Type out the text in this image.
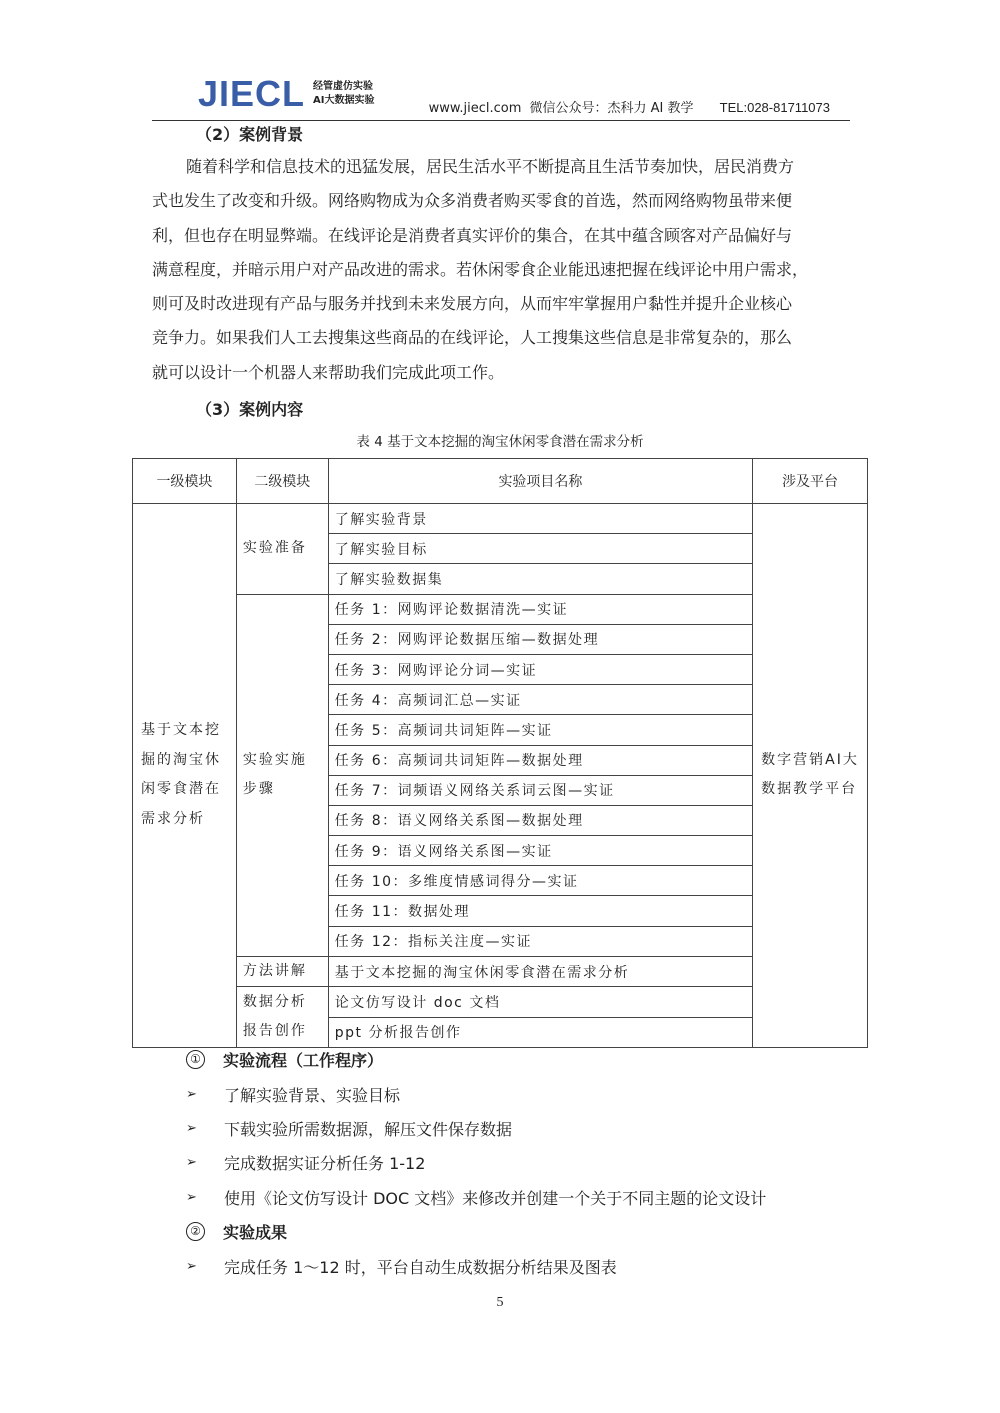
JIECL 经管虚仿实验
AI大数据实验
www.jiecl.com 微信公众号：杰科力 AI 教学 TEL:028-81711073
（2）案例背景
随着科学和信息技术的迅猛发展，居民生活水平不断提高且生活节奏加快，居民消费方
式也发生了改变和升级。网络购物成为众多消费者购买零食的首选，然而网络购物虽带来便
利，但也存在明显弊端。在线评论是消费者真实评价的集合，在其中蕴含顾客对产品偏好与
满意程度，并暗示用户对产品改进的需求。若休闲零食企业能迅速把握在线评论中用户需求，
则可及时改进现有产品与服务并找到未来发展方向，从而牢牢掌握用户黏性并提升企业核心
竞争力。如果我们人工去搜集这些商品的在线评论，人工搜集这些信息是非常复杂的，那么
就可以设计一个机器人来帮助我们完成此项工作。
（3）案例内容
表 4 基于文本挖掘的淘宝休闲零食潜在需求分析
一级模块	二级模块	实验项目名称	涉及平台
基于文本挖掘的淘宝休闲零食潜在需求分析	实验准备	了解实验背景	数字营销AI大数据教学平台
		了解实验目标	
		了解实验数据集	
	实验实施步骤	任务 1：网购评论数据清洗—实证	
		任务 2：网购评论数据压缩—数据处理	
		任务 3：网购评论分词—实证	
		任务 4：高频词汇总—实证	
		任务 5：高频词共词矩阵—实证	
		任务 6：高频词共词矩阵—数据处理	
		任务 7：词频语义网络关系词云图—实证	
		任务 8：语义网络关系图—数据处理	
		任务 9：语义网络关系图—实证	
		任务 10：多维度情感词得分—实证	
		任务 11：数据处理	
		任务 12：指标关注度—实证	
	方法讲解	基于文本挖掘的淘宝休闲零食潜在需求分析	
	数据分析报告创作	论文仿写设计 doc 文档	
		ppt 分析报告创作	
① 实验流程（工作程序）
➢	了解实验背景、实验目标
➢	下载实验所需数据源，解压文件保存数据
➢	完成数据实证分析任务 1-12
➢	使用《论文仿写设计 DOC 文档》来修改并创建一个关于不同主题的论文设计
② 实验成果
➢	完成任务 1～12 时，平台自动生成数据分析结果及图表
5
